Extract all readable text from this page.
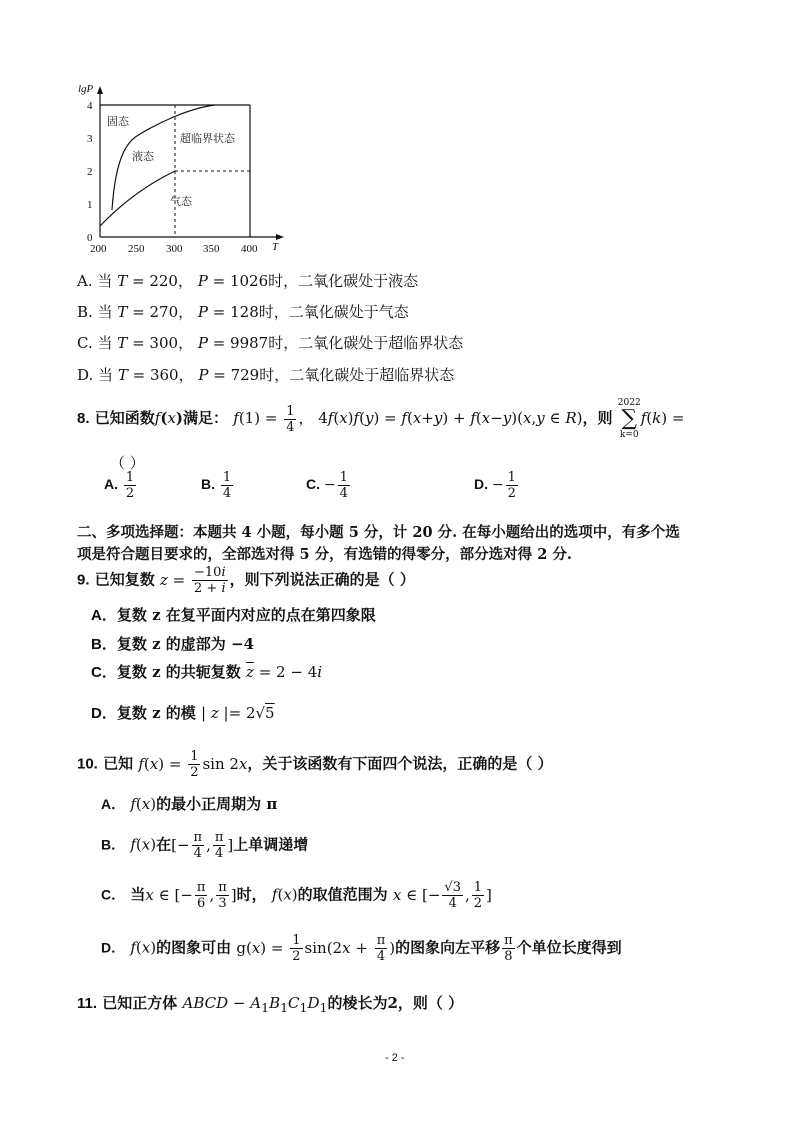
4
3
2
1
0
200 250 300 350 400 T
lgP
固态
液态
超临界状态
气态
A. 当 T = 220， P = 1026时，二氧化碳处于液态
B. 当 T = 270， P = 128时，二氧化碳处于气态
C. 当 T = 300， P = 9987时，二氧化碳处于超临界状态
D. 当 T = 360， P = 729时，二氧化碳处于超临界状态
8. 已知函数f(x)满足： $f(1) = \frac{1}{4}$ ， 4f(x)f(y) = f(x+y) + f(x−y)(x,y ∈ R)，则
2022
∑
k=0
f(k) =
（ ）
A. $\frac{1}{2}$	B. $\frac{1}{4}$	C. − $\frac{1}{4}$	D. − $\frac{1}{2}$
二、多项选择题：本题共 4 小题，每小题 5 分，计 20 分. 在每小题给出的选项中，有多个选
项是符合题目要求的，全部选对得 5 分，有选错的得零分，部分选对得 2 分.
9. 已知复数 $z = \frac{-10i}{2 + i}$ ，则下列说法正确的是（ ）
A．复数 z 在复平面内对应的点在第四象限
B．复数 z 的虚部为 −4
C．复数 z 的共轭复数 $\overline{z} = 2 - 4i$
D．复数 z 的模 | z |= 2√5
10. 已知 $f(x) = \frac{1}{2}$ sin 2x，关于该函数有下面四个说法，正确的是（ ）
A． f(x)的最小正周期为 π
B． f(x)在[− $\frac{\pi}{4}$ , $\frac{\pi}{4}$ ]上单调递增
C． 当x ∈ [− $\frac{\pi}{6}$ , $\frac{\pi}{3}$ ]时， f(x)的取值范围为 x ∈ [− $\frac{√3}{4}$ , $\frac{1}{2}$ ]
D． f(x)的图象可由 $g(x) = \frac{1}{2} \sin(2x + \frac{\pi}{4}$ )的图象向左平移 $\frac{\pi}{8}$ 个单位长度得到
11. 已知正方体 ABCD − $A_1B_1C_1D_1$的棱长为2，则（ ）
- 2 -
